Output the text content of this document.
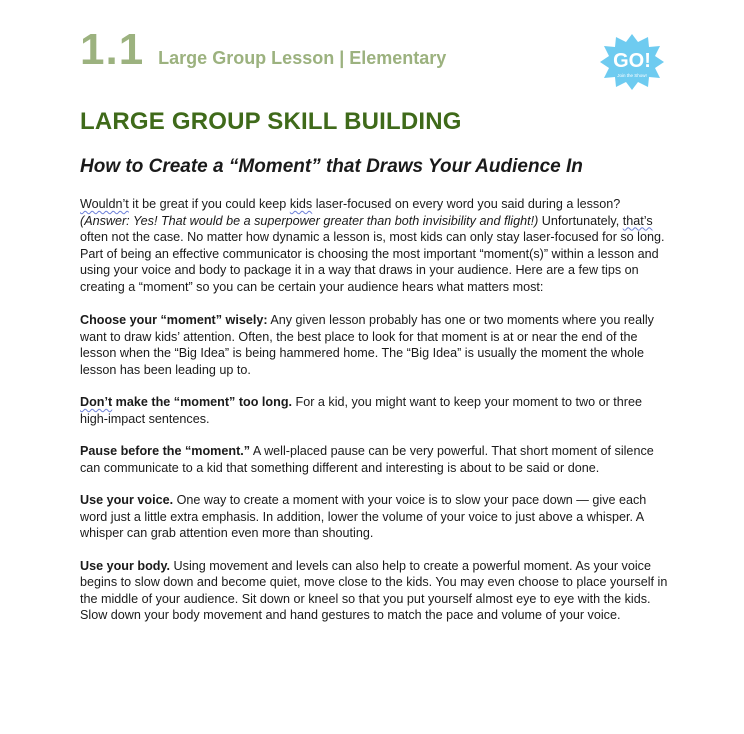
1.1 Large Group Lesson | Elementary	GO!
Join the Show!
LARGE GROUP SKILL BUILDING
How to Create a “Moment” that Draws Your Audience In

Wouldn’t it be great if you could keep kids laser-focused on every word you said during a lesson? (Answer: Yes! That would be a superpower greater than both invisibility and flight!) Unfortunately, that’s often not the case. No matter how dynamic a lesson is, most kids can only stay laser-focused for so long. Part of being an effective communicator is choosing the most important “moment(s)” within a lesson and using your voice and body to package it in a way that draws in your audience. Here are a few tips on creating a “moment” so you can be certain your audience hears what matters most:

Choose your “moment” wisely: Any given lesson probably has one or two moments where you really want to draw kids’ attention. Often, the best place to look for that moment is at or near the end of the lesson when the “Big Idea” is being hammered home. The “Big Idea” is usually the moment the whole lesson has been leading up to.

Don’t make the “moment” too long. For a kid, you might want to keep your moment to two or three high-impact sentences.

Pause before the “moment.” A well-placed pause can be very powerful. That short moment of silence can communicate to a kid that something different and interesting is about to be said or done.

Use your voice. One way to create a moment with your voice is to slow your pace down — give each word just a little extra emphasis. In addition, lower the volume of your voice to just above a whisper. A whisper can grab attention even more than shouting.

Use your body. Using movement and levels can also help to create a powerful moment. As your voice begins to slow down and become quiet, move close to the kids. You may even choose to place yourself in the middle of your audience. Sit down or kneel so that you put yourself almost eye to eye with the kids. Slow down your body movement and hand gestures to match the pace and volume of your voice.
